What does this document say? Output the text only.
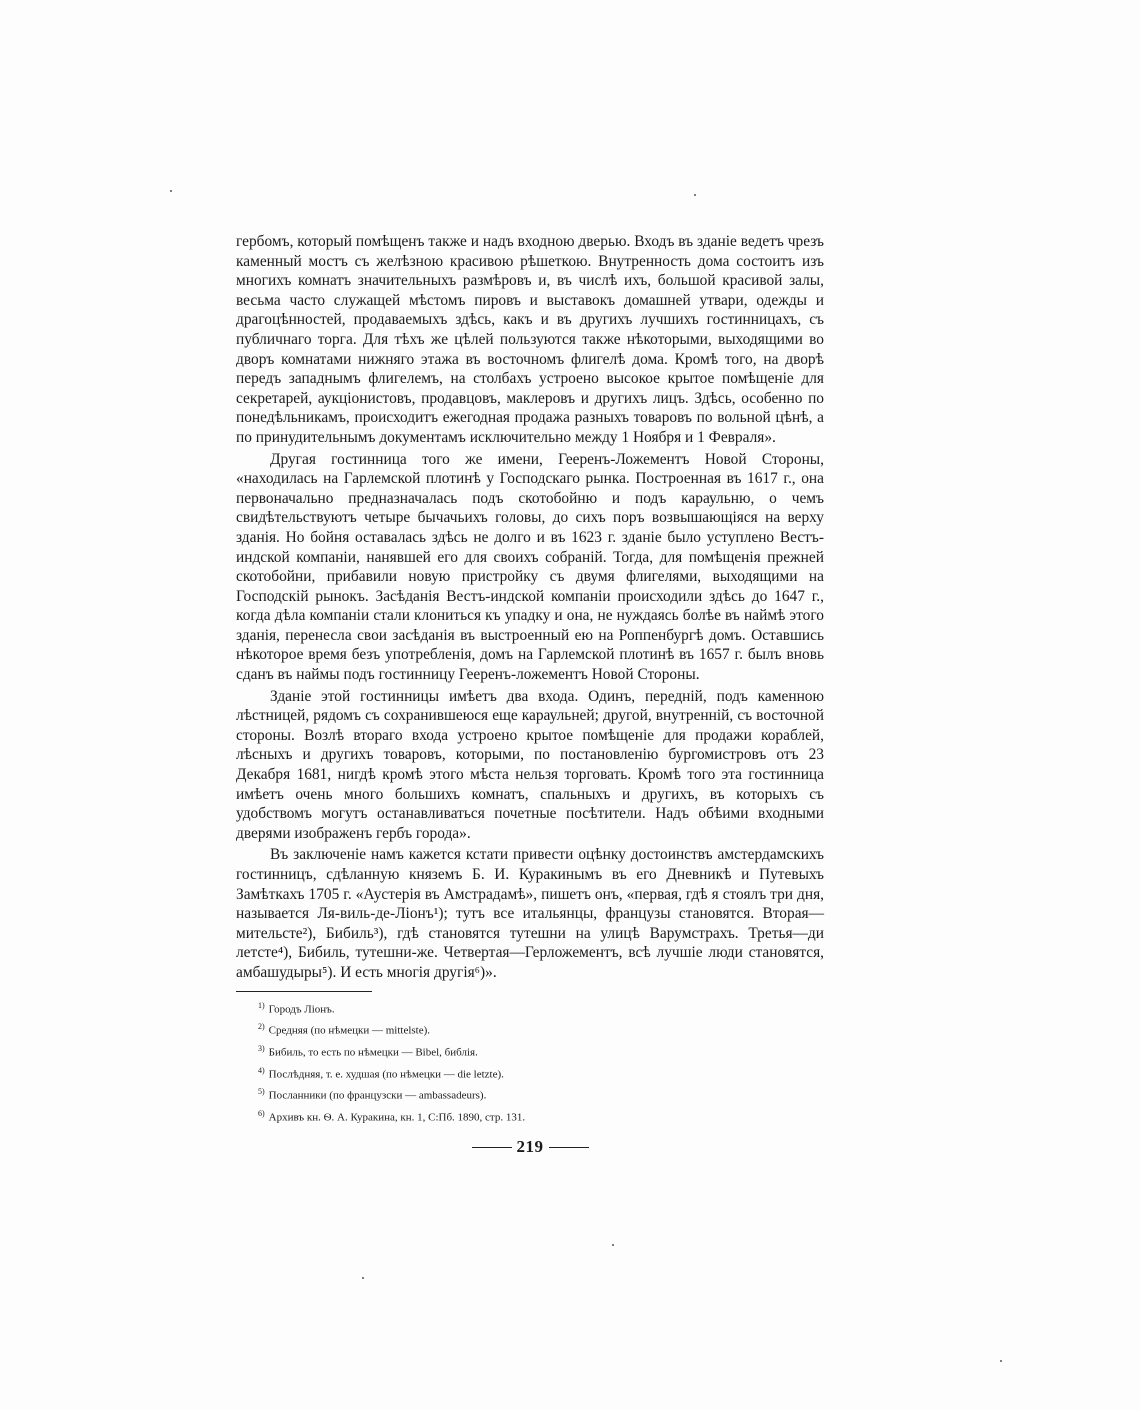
гербомъ, который помѣщенъ также и надъ входною дверью. Входъ въ зданіе ведетъ чрезъ каменный мостъ съ желѣзною красивою рѣшеткою. Внутренность дома состоитъ изъ многихъ комнатъ значительныхъ размѣровъ и, въ числѣ ихъ, большой красивой залы, весьма часто служащей мѣстомъ пировъ и выставокъ домашней утвари, одежды и драгоцѣнностей, продаваемыхъ здѣсь, какъ и въ другихъ лучшихъ гостинницахъ, съ публичнаго торга. Для тѣхъ же цѣлей пользуются также нѣкоторыми, выходящими во дворъ комнатами нижняго этажа въ восточномъ флигелѣ дома. Кромѣ того, на дворѣ передъ западнымъ флигелемъ, на столбахъ устроено высокое крытое помѣщеніе для секретарей, аукціонистовъ, продавцовъ, маклеровъ и другихъ лицъ. Здѣсь, особенно по понедѣльникамъ, происходитъ ежегодная продажа разныхъ товаровъ по вольной цѣнѣ, а по принудительнымъ документамъ исключительно между 1 Ноября и 1 Февраля».

Другая гостинница того же имени, Гееренъ-Ложементъ Новой Стороны, «находилась на Гарлемской плотинѣ у Господскаго рынка. Построенная въ 1617 г., она первоначально предназначалась подъ скотобойню и подъ караульню, о чемъ свидѣтельствуютъ четыре бычачьихъ головы, до сихъ поръ возвышающіяся на верху зданія. Но бойня оставалась здѣсь не долго и въ 1623 г. зданіе было уступлено Вестъ-индской компаніи, нанявшей его для своихъ собраній. Тогда, для помѣщенія прежней скотобойни, прибавили новую пристройку съ двумя флигелями, выходящими на Господскій рынокъ. Засѣданія Вестъ-индской компаніи происходили здѣсь до 1647 г., когда дѣла компаніи стали клониться къ упадку и она, не нуждаясь болѣе въ наймѣ этого зданія, перенесла свои засѣданія въ выстроенный ею на Роппенбургѣ домъ. Оставшись нѣкоторое время безъ употребленія, домъ на Гарлемской плотинѣ въ 1657 г. былъ вновь сданъ въ наймы подъ гостинницу Гееренъ-ложементъ Новой Стороны.

Зданіе этой гостинницы имѣетъ два входа. Одинъ, передній, подъ каменною лѣстницей, рядомъ съ сохранившеюся еще караульней; другой, внутренній, съ восточной стороны. Возлѣ втораго входа устроено крытое помѣщеніе для продажи кораблей, лѣсныхъ и другихъ товаровъ, которыми, по постановленію бургомистровъ отъ 23 Декабря 1681, нигдѣ кромѣ этого мѣста нельзя торговать. Кромѣ того эта гостинница имѣетъ очень много большихъ комнатъ, спальныхъ и другихъ, въ которыхъ съ удобствомъ могутъ останавливаться почетные посѣтители. Надъ обѣими входными дверями изображенъ гербъ города».

Въ заключеніе намъ кажется кстати привести оцѣнку достоинствъ амстердамскихъ гостинницъ, сдѣланную княземъ Б. И. Куракинымъ въ его Дневникѣ и Путевыхъ Замѣткахъ 1705 г. «Аустерія въ Амстрадамѣ», пишетъ онъ, «первая, гдѣ я стоялъ три дня, называется Ля-виль-де-Ліонъ¹); тутъ все итальянцы, французы становятся. Вторая—мительсте²), Бибиль³), гдѣ становятся тутешни на улицѣ Варумстрахъ. Третья—ди летсте⁴), Бибиль, тутешни-же. Четвертая—Герложементъ, всѣ лучшіе люди становятся, амбашудыры⁵). И есть многія другія⁶)».

$^{1)}$ Городъ Ліонъ.
$^{2)}$ Средняя (по нѣмецки — mittelste).
$^{3)}$ Бибиль, то есть по нѣмецки — Bibel, библія.
$^{4)}$ Послѣдняя, т. е. худшая (по нѣмецки — die letzte).
$^{5)}$ Посланники (по французски — ambassadeurs).
$^{6)}$ Архивъ кн. Ѳ. А. Куракина, кн. 1, С:Пб. 1890, стр. 131.
219
